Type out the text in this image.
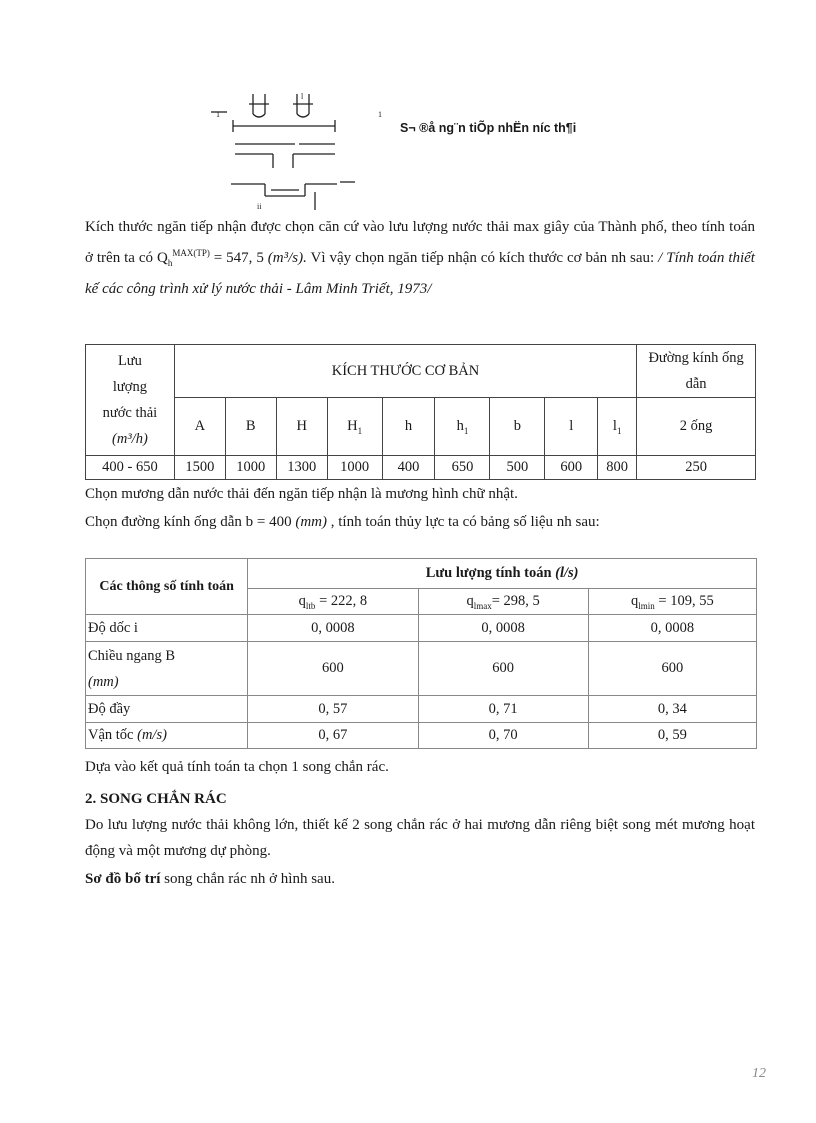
1	1
ii
l
S¬ ®å ng¨n tiÕp nhËn níc th¶i
Kích thước ngăn tiếp nhận được chọn căn cứ vào lưu lượng nước thải max giây của Thành phố, theo tính toán ở trên ta có $Q_h^{MAX(TP)} = 547$, 5 (m³/s). Vì vậy chọn ngăn tiếp nhận có kích thước cơ bản nh sau: / Tính toán thiết kế các công trình xử lý nước thải - Lâm Minh Triết, 1973/
Lưu
lượng
nước thải
(m³/h)	KÍCH THƯỚC CƠ BẢN									Đường kính ống dẫn
	A	B	H	$H_1$	h	$h_1$	b	l	$l_1$	2 ống
400 - 650	1500	1000	1300	1000	400	650	500	600	800	250
Chọn mương dẫn nước thải đến ngăn tiếp nhận là mương hình chữ nhật.
Chọn đường kính ống dẫn b = 400 (mm) , tính toán thủy lực ta có bảng số liệu nh sau:
Các thông số tính toán	Lưu lượng tính toán (l/s)		
	$q_{ltb} = 222$, 8	$q_{lmax}= 298$, 5	$q_{lmin} = 109$, 55
Độ dốc i	0, 0008	0, 0008	0, 0008

Chiều ngang B
(mm)	600	600	600
Độ đầy	0, 57	0, 71	0, 34
Vận tốc (m/s)	0, 67	0, 70	0, 59
Dựa vào kết quả tính toán ta chọn 1 song chắn rác.
2. SONG CHẮN RÁC
Do lưu lượng nước thải không lớn, thiết kế 2 song chắn rác ở hai mương dẫn riêng biệt song mét mương hoạt động và một mương dự phòng.
Sơ đồ bố trí song chắn rác nh ở hình sau.
12
